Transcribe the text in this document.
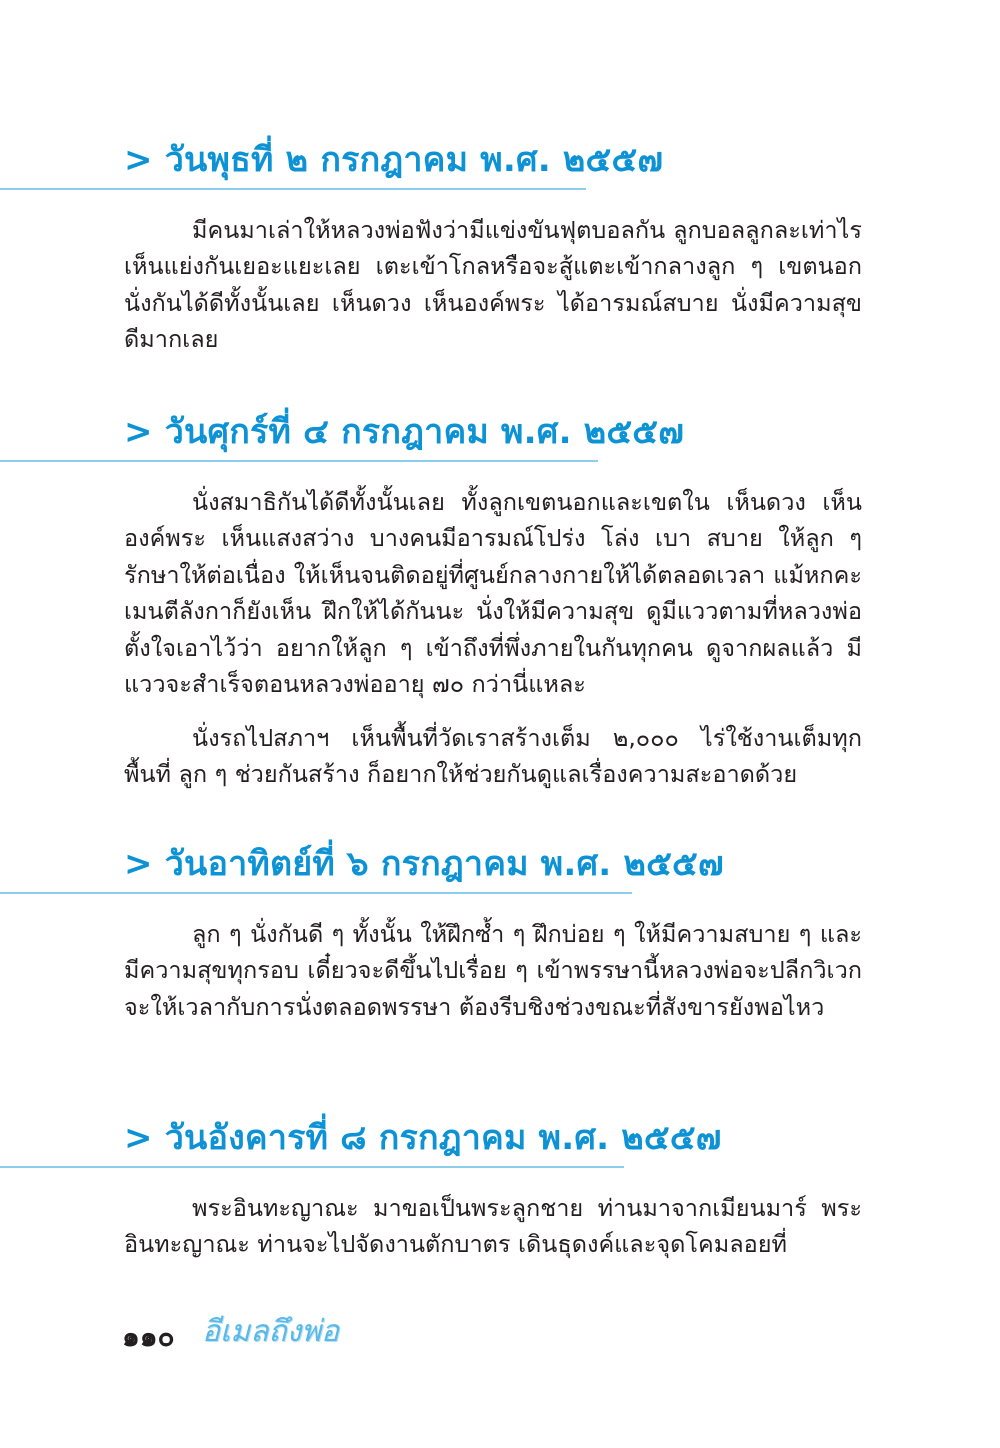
> วันพุธที่ ๒ กรกฎาคม พ.ศ. ๒๕๕๗

มีคนมาเล่าให้หลวงพ่อฟังว่ามีแข่งขันฟุตบอลกัน ลูกบอลลูกละเท่าไร เห็นแย่งกันเยอะแยะเลย เตะเข้าโกลหรือจะสู้แตะเข้ากลางลูก ๆ เขตนอกนั่งกันได้ดีทั้งนั้นเลย เห็นดวง เห็นองค์พระ ได้อารมณ์สบาย นั่งมีความสุข ดีมากเลย

> วันศุกร์ที่ ๔ กรกฎาคม พ.ศ. ๒๕๕๗

นั่งสมาธิกันได้ดีทั้งนั้นเลย ทั้งลูกเขตนอกและเขตใน เห็นดวง เห็นองค์พระ เห็นแสงสว่าง บางคนมีอารมณ์โปร่ง โล่ง เบา สบาย ให้ลูก ๆ รักษาให้ต่อเนื่อง ให้เห็นจนติดอยู่ที่ศูนย์กลางกายให้ได้ตลอดเวลา แม้หกคะเมนตีลังกาก็ยังเห็น ฝึกให้ได้กันนะ นั่งให้มีความสุข ดูมีแววตามที่หลวงพ่อตั้งใจเอาไว้ว่า อยากให้ลูก ๆ เข้าถึงที่พึ่งภายในกันทุกคน ดูจากผลแล้ว มีแววจะสำเร็จตอนหลวงพ่ออายุ ๗๐ กว่านี่แหละ

นั่งรถไปสภาฯ เห็นพื้นที่วัดเราสร้างเต็ม ๒,๐๐๐ ไร่ใช้งานเต็มทุกพื้นที่ ลูก ๆ ช่วยกันสร้าง ก็อยากให้ช่วยกันดูแลเรื่องความสะอาดด้วย

> วันอาทิตย์ที่ ๖ กรกฎาคม พ.ศ. ๒๕๕๗

ลูก ๆ นั่งกันดี ๆ ทั้งนั้น ให้ฝึกซ้ำ ๆ ฝึกบ่อย ๆ ให้มีความสบาย ๆ และมีความสุขทุกรอบ เดี๋ยวจะดีขึ้นไปเรื่อย ๆ เข้าพรรษานี้หลวงพ่อจะปลีกวิเวก จะให้เวลากับการนั่งตลอดพรรษา ต้องรีบชิงช่วงขณะที่สังขารยังพอไหว

> วันอังคารที่ ๘ กรกฎาคม พ.ศ. ๒๕๕๗

พระอินทะญาณะ มาขอเป็นพระลูกชาย ท่านมาจากเมียนมาร์ พระอินทะญาณะ ท่านจะไปจัดงานตักบาตร เดินธุดงค์และจุดโคมลอยที่

๑๑๐ อีเมลถึงพ่อ
